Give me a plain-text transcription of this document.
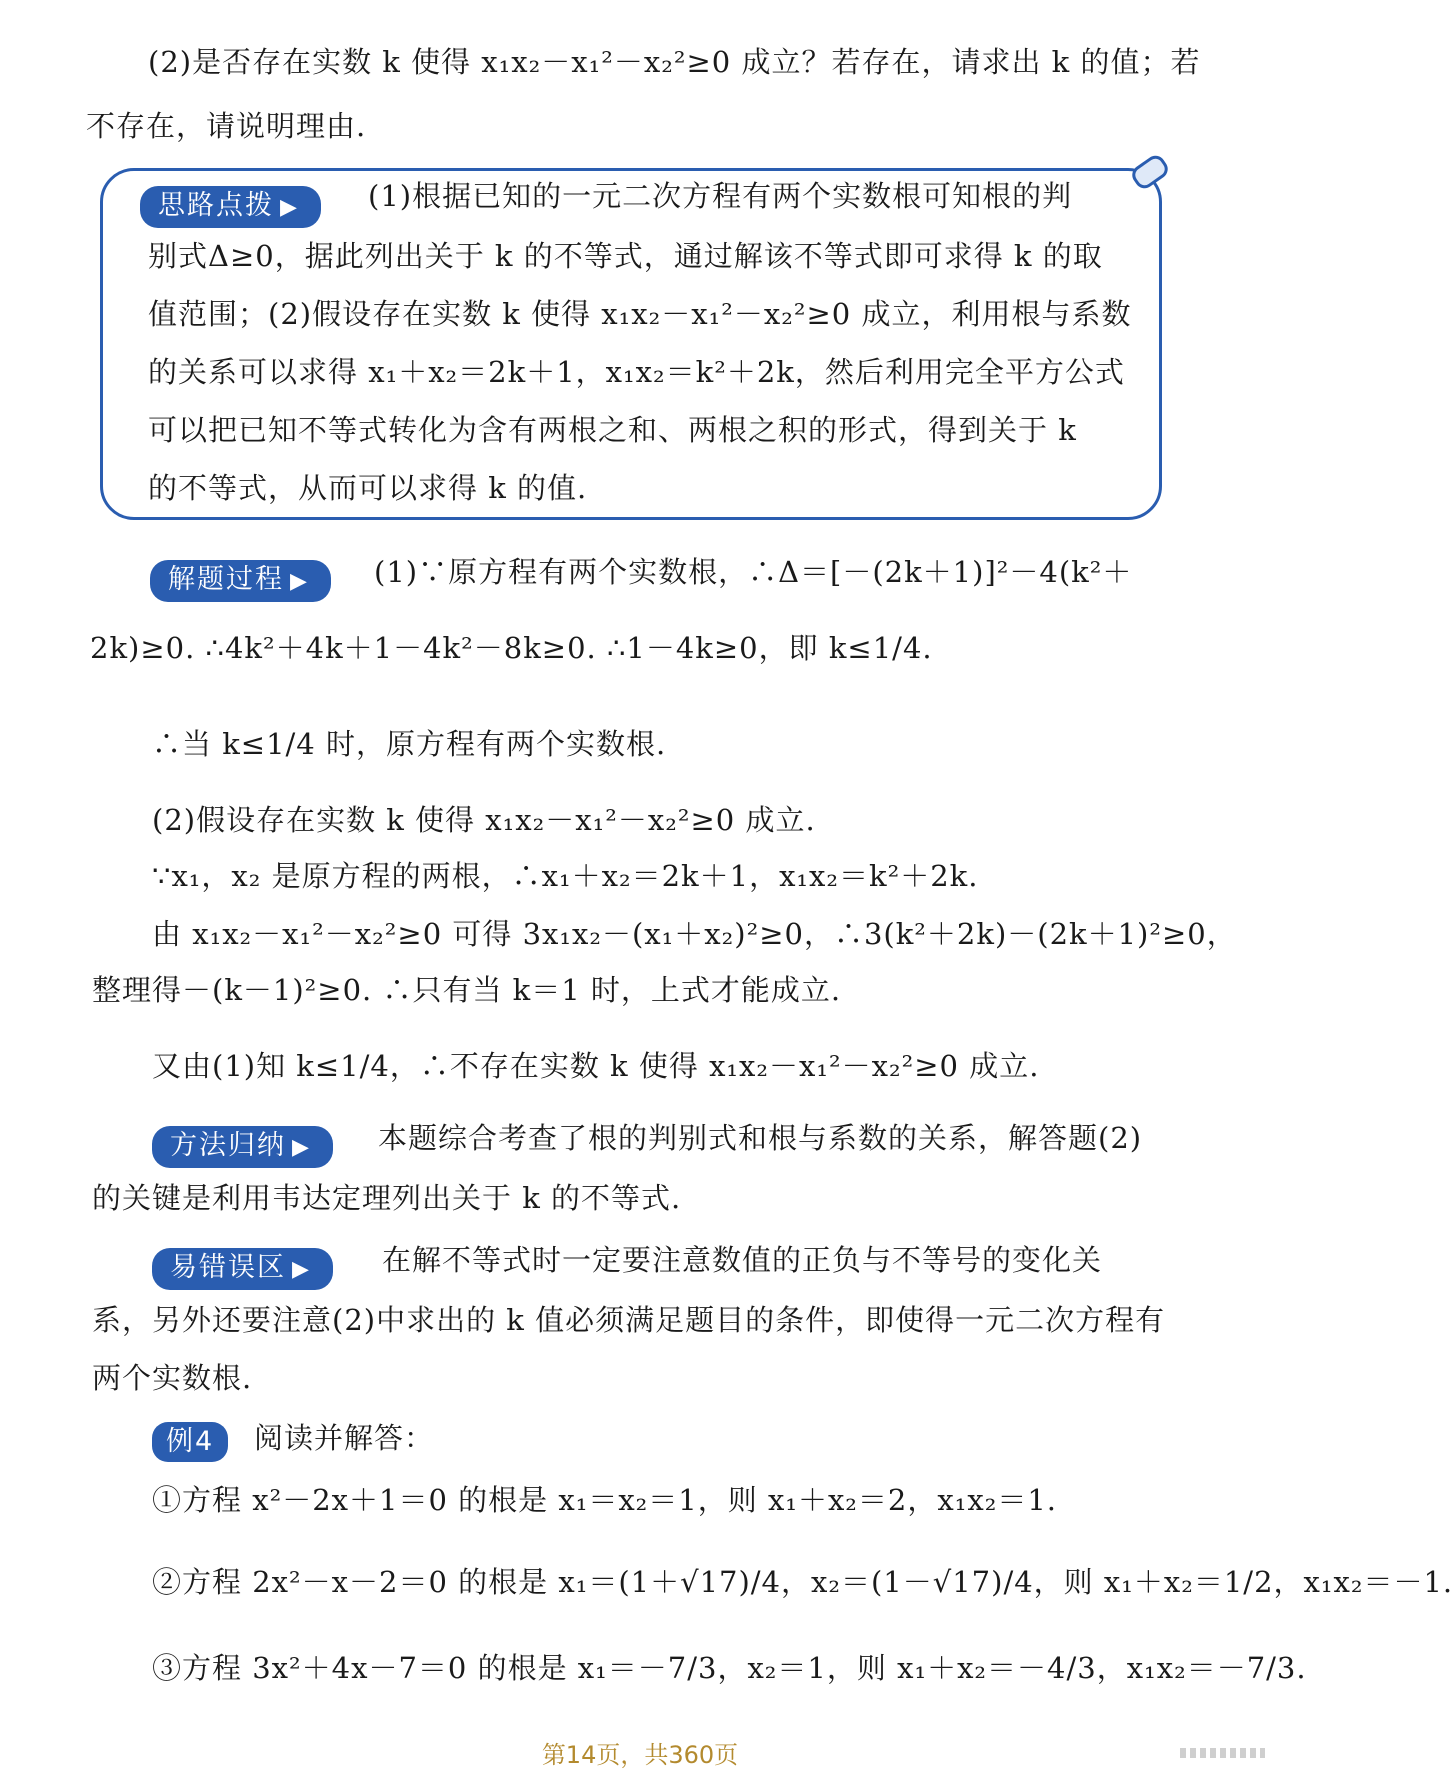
(2)是否存在实数 k 使得 x₁x₂－x₁²－x₂²≥0 成立？若存在，请求出 k 的值；若
不存在，请说明理由.
思路点拨 ▶	(1)根据已知的一元二次方程有两个实数根可知根的判
别式Δ≥0，据此列出关于 k 的不等式，通过解该不等式即可求得 k 的取
值范围；(2)假设存在实数 k 使得 x₁x₂－x₁²－x₂²≥0 成立，利用根与系数
的关系可以求得 x₁＋x₂＝2k＋1，x₁x₂＝k²＋2k，然后利用完全平方公式
可以把已知不等式转化为含有两根之和、两根之积的形式，得到关于 k
的不等式，从而可以求得 k 的值.
解题过程 ▶	(1)∵原方程有两个实数根，∴Δ＝[－(2k＋1)]²－4(k²＋
2k)≥0. ∴4k²＋4k＋1－4k²－8k≥0. ∴1－4k≥0，即 k≤1/4.
∴当 k≤1/4 时，原方程有两个实数根.
(2)假设存在实数 k 使得 x₁x₂－x₁²－x₂²≥0 成立.
∵x₁，x₂ 是原方程的两根，∴x₁＋x₂＝2k＋1，x₁x₂＝k²＋2k.
由 x₁x₂－x₁²－x₂²≥0 可得 3x₁x₂－(x₁＋x₂)²≥0，∴3(k²＋2k)－(2k＋1)²≥0，
整理得－(k－1)²≥0. ∴只有当 k＝1 时，上式才能成立.
又由(1)知 k≤1/4，∴不存在实数 k 使得 x₁x₂－x₁²－x₂²≥0 成立.
方法归纳 ▶	本题综合考查了根的判别式和根与系数的关系，解答题(2)
的关键是利用韦达定理列出关于 k 的不等式.
易错误区 ▶	在解不等式时一定要注意数值的正负与不等号的变化关
系，另外还要注意(2)中求出的 k 值必须满足题目的条件，即使得一元二次方程有
两个实数根.
例4	阅读并解答：
①方程 x²－2x＋1＝0 的根是 x₁＝x₂＝1，则 x₁＋x₂＝2，x₁x₂＝1.
②方程 2x²－x－2＝0 的根是 x₁＝(1＋√17)/4，x₂＝(1－√17)/4，则 x₁＋x₂＝1/2，x₁x₂＝－1.
③方程 3x²＋4x－7＝0 的根是 x₁＝－7/3，x₂＝1，则 x₁＋x₂＝－4/3，x₁x₂＝－7/3.
第14页，共360页
